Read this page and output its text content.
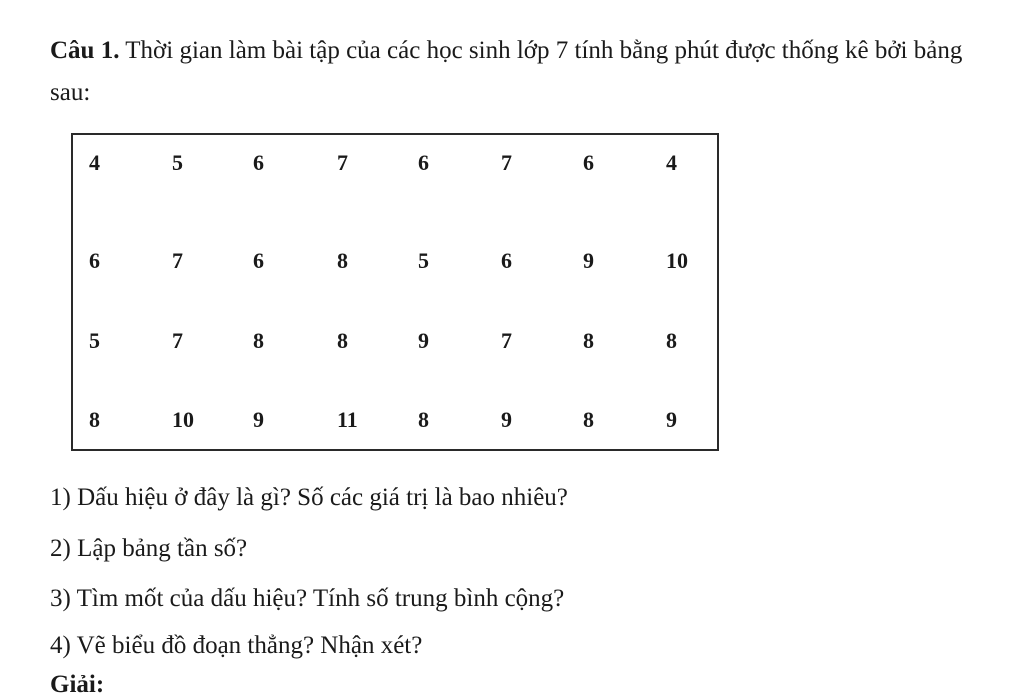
Câu 1. Thời gian làm bài tập của các học sinh lớp 7 tính bằng phút được thống kê bởi bảng sau:
4	5	6	7	6	7	6	4
6	7	6	8	5	6	9	10
5	7	8	8	9	7	8	8
8	10	9	11	8	9	8	9
1) Dấu hiệu ở đây là gì? Số các giá trị là bao nhiêu?
2) Lập bảng tần số?
3) Tìm mốt của dấu hiệu? Tính số trung bình cộng?
4) Vẽ biểu đồ đoạn thẳng? Nhận xét?
Giải:
